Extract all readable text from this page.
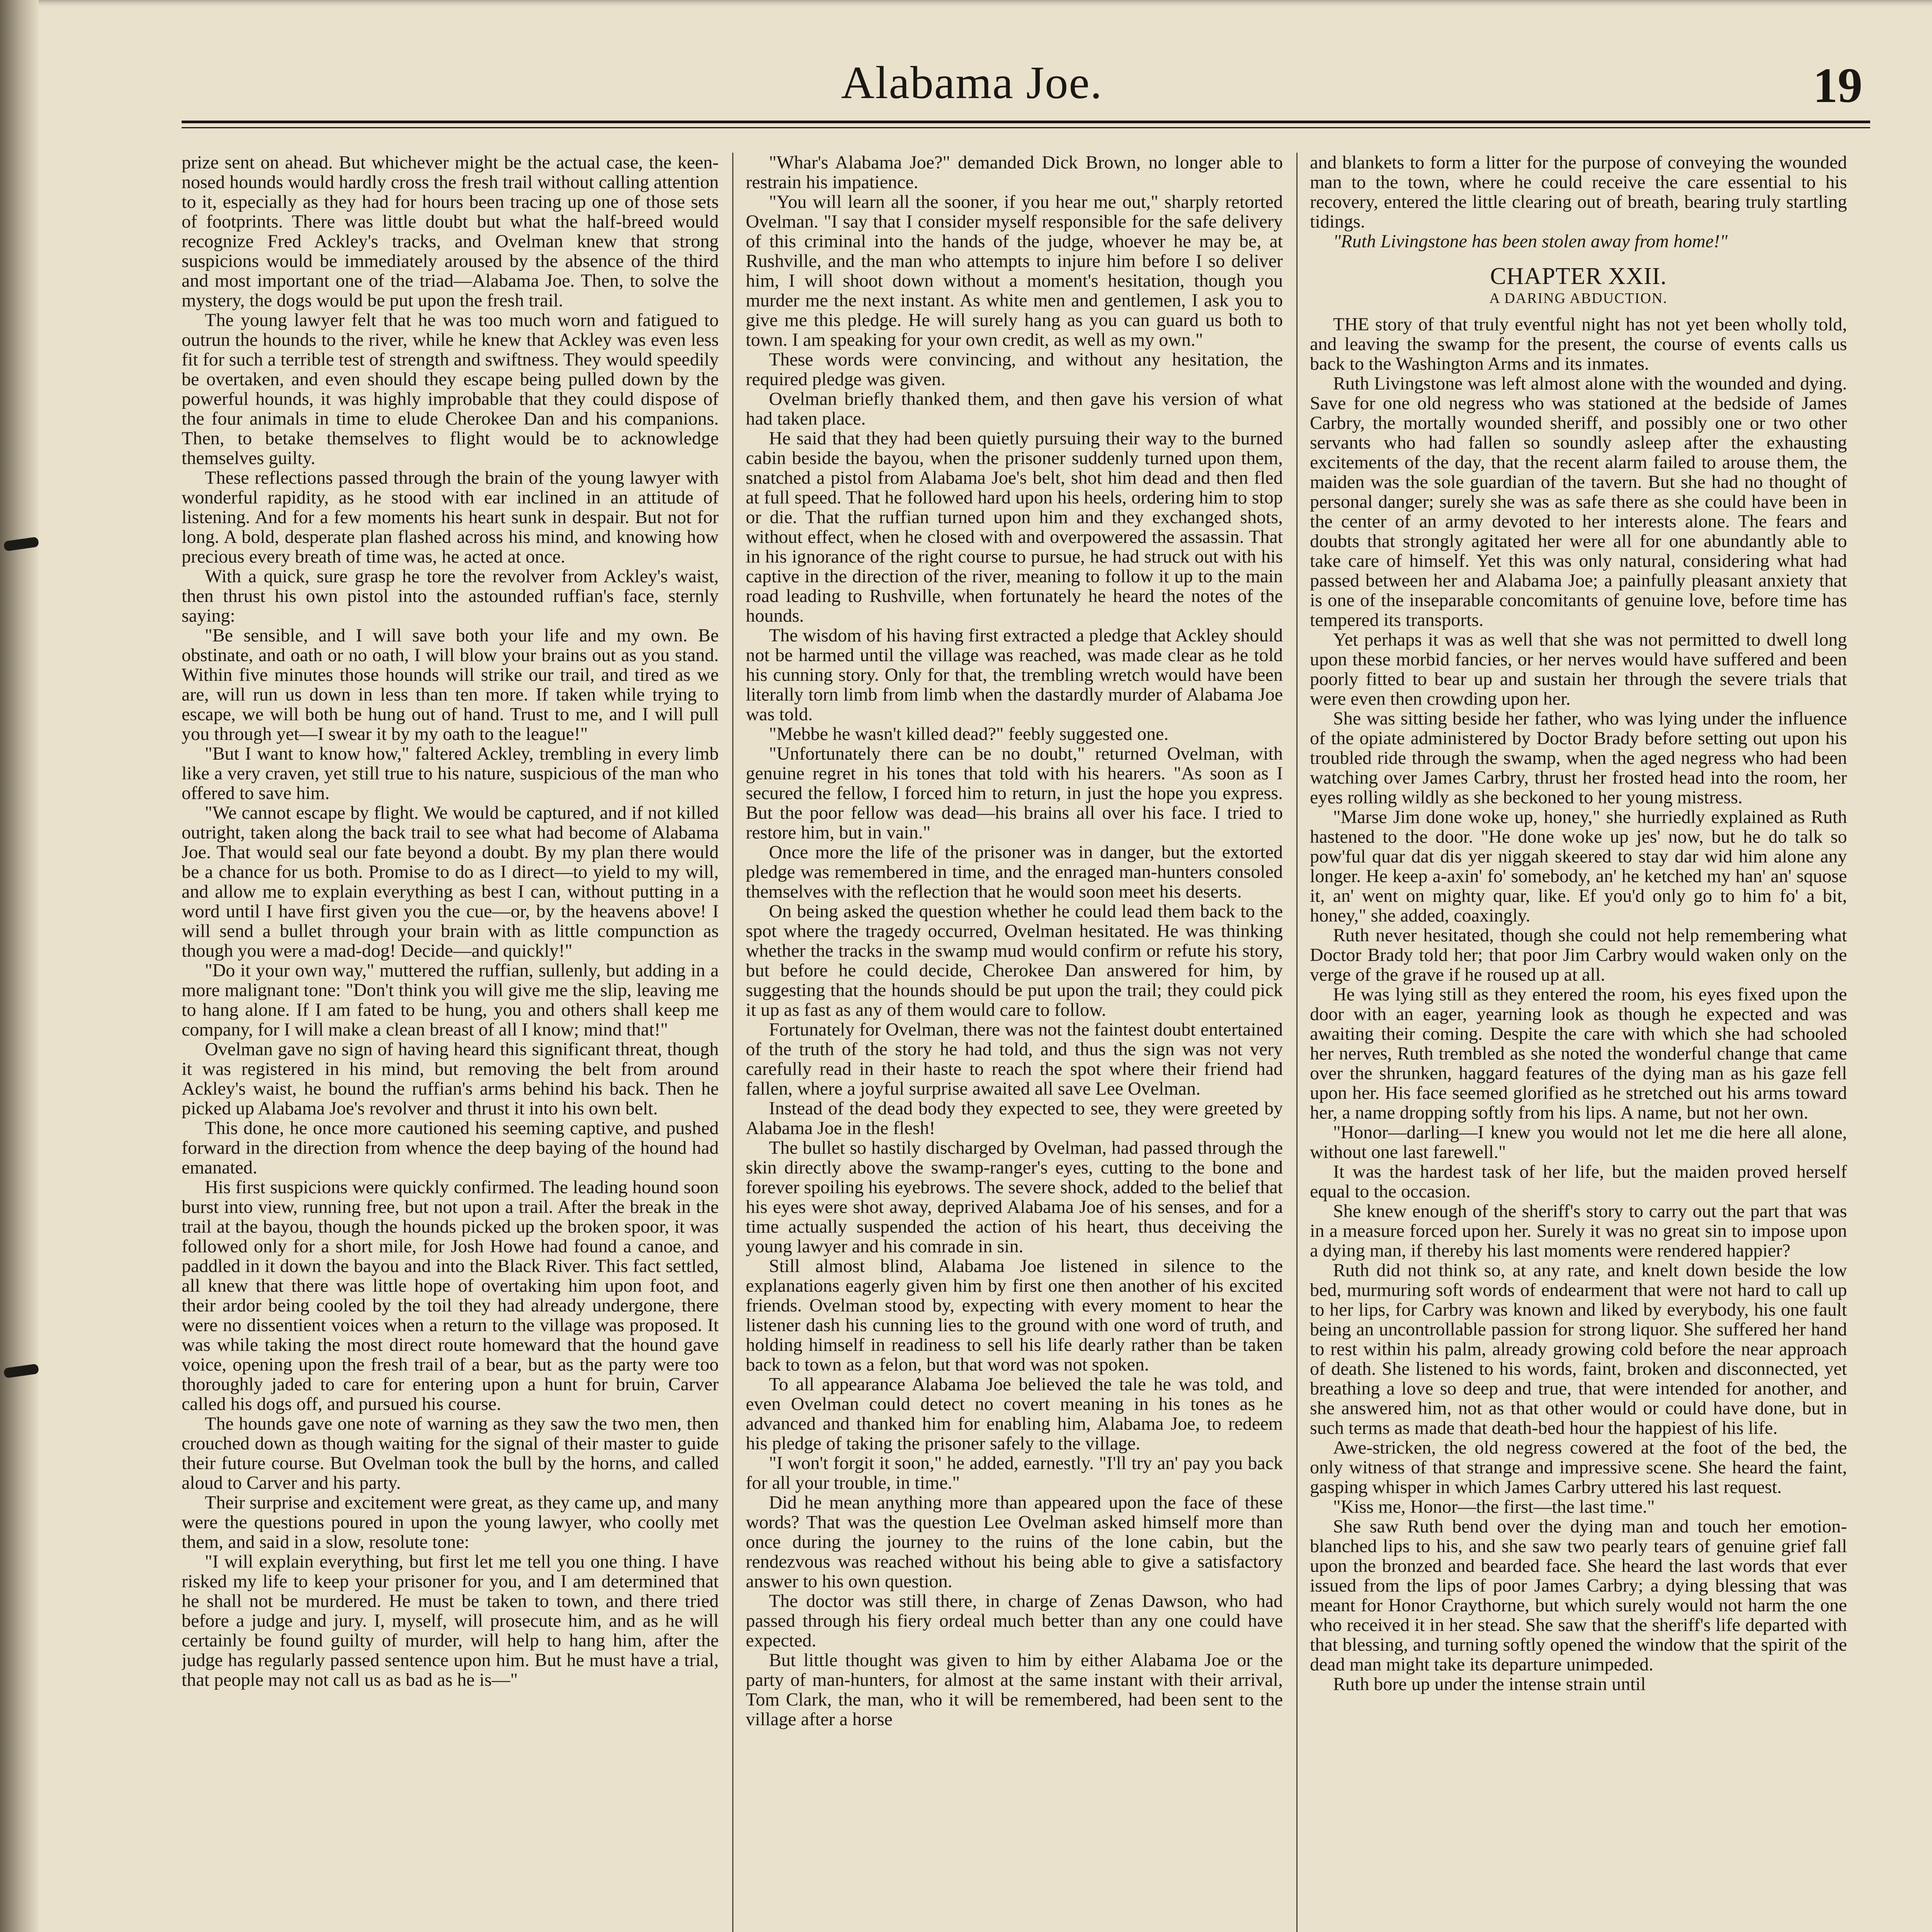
Alabama Joe.	19

prize sent on ahead. But whichever might be the actual case, the keen-nosed hounds would hardly cross the fresh trail without calling attention to it, especially as they had for hours been tracing up one of those sets of footprints. There was little doubt but what the half-breed would recognize Fred Ackley's tracks, and Ovelman knew that strong suspicions would be immediately aroused by the absence of the third and most important one of the triad—Alabama Joe. Then, to solve the mystery, the dogs would be put upon the fresh trail.

The young lawyer felt that he was too much worn and fatigued to outrun the hounds to the river, while he knew that Ackley was even less fit for such a terrible test of strength and swiftness. They would speedily be overtaken, and even should they escape being pulled down by the powerful hounds, it was highly improbable that they could dispose of the four animals in time to elude Cherokee Dan and his companions. Then, to betake themselves to flight would be to acknowledge themselves guilty.

These reflections passed through the brain of the young lawyer with wonderful rapidity, as he stood with ear inclined in an attitude of listening. And for a few moments his heart sunk in despair. But not for long. A bold, desperate plan flashed across his mind, and knowing how precious every breath of time was, he acted at once.

With a quick, sure grasp he tore the revolver from Ackley's waist, then thrust his own pistol into the astounded ruffian's face, sternly saying:

"Be sensible, and I will save both your life and my own. Be obstinate, and oath or no oath, I will blow your brains out as you stand. Within five minutes those hounds will strike our trail, and tired as we are, will run us down in less than ten more. If taken while trying to escape, we will both be hung out of hand. Trust to me, and I will pull you through yet—I swear it by my oath to the league!"

"But I want to know how," faltered Ackley, trembling in every limb like a very craven, yet still true to his nature, suspicious of the man who offered to save him.

"We cannot escape by flight. We would be captured, and if not killed outright, taken along the back trail to see what had become of Alabama Joe. That would seal our fate beyond a doubt. By my plan there would be a chance for us both. Promise to do as I direct—to yield to my will, and allow me to explain everything as best I can, without putting in a word until I have first given you the cue—or, by the heavens above! I will send a bullet through your brain with as little compunction as though you were a mad-dog! Decide—and quickly!"

"Do it your own way," muttered the ruffian, sullenly, but adding in a more malignant tone: "Don't think you will give me the slip, leaving me to hang alone. If I am fated to be hung, you and others shall keep me company, for I will make a clean breast of all I know; mind that!"

Ovelman gave no sign of having heard this significant threat, though it was registered in his mind, but removing the belt from around Ackley's waist, he bound the ruffian's arms behind his back. Then he picked up Alabama Joe's revolver and thrust it into his own belt.

This done, he once more cautioned his seeming captive, and pushed forward in the direction from whence the deep baying of the hound had emanated.

His first suspicions were quickly confirmed. The leading hound soon burst into view, running free, but not upon a trail. After the break in the trail at the bayou, though the hounds picked up the broken spoor, it was followed only for a short mile, for Josh Howe had found a canoe, and paddled in it down the bayou and into the Black River. This fact settled, all knew that there was little hope of overtaking him upon foot, and their ardor being cooled by the toil they had already undergone, there were no dissentient voices when a return to the village was proposed. It was while taking the most direct route homeward that the hound gave voice, opening upon the fresh trail of a bear, but as the party were too thoroughly jaded to care for entering upon a hunt for bruin, Carver called his dogs off, and pursued his course.

The hounds gave one note of warning as they saw the two men, then crouched down as though waiting for the signal of their master to guide their future course. But Ovelman took the bull by the horns, and called aloud to Carver and his party.

Their surprise and excitement were great, as they came up, and many were the questions poured in upon the young lawyer, who coolly met them, and said in a slow, resolute tone:

"I will explain everything, but first let me tell you one thing. I have risked my life to keep your prisoner for you, and I am determined that he shall not be murdered. He must be taken to town, and there tried before a judge and jury. I, myself, will prosecute him, and as he will certainly be found guilty of murder, will help to hang him, after the judge has regularly passed sentence upon him. But he must have a trial, that people may not call us as bad as he is—"

"Whar's Alabama Joe?" demanded Dick Brown, no longer able to restrain his impatience.

"You will learn all the sooner, if you hear me out," sharply retorted Ovelman. "I say that I consider myself responsible for the safe delivery of this criminal into the hands of the judge, whoever he may be, at Rushville, and the man who attempts to injure him before I so deliver him, I will shoot down without a moment's hesitation, though you murder me the next instant. As white men and gentlemen, I ask you to give me this pledge. He will surely hang as you can guard us both to town. I am speaking for your own credit, as well as my own."

These words were convincing, and without any hesitation, the required pledge was given.

Ovelman briefly thanked them, and then gave his version of what had taken place.

He said that they had been quietly pursuing their way to the burned cabin beside the bayou, when the prisoner suddenly turned upon them, snatched a pistol from Alabama Joe's belt, shot him dead and then fled at full speed. That he followed hard upon his heels, ordering him to stop or die. That the ruffian turned upon him and they exchanged shots, without effect, when he closed with and overpowered the assassin. That in his ignorance of the right course to pursue, he had struck out with his captive in the direction of the river, meaning to follow it up to the main road leading to Rushville, when fortunately he heard the notes of the hounds.

The wisdom of his having first extracted a pledge that Ackley should not be harmed until the village was reached, was made clear as he told his cunning story. Only for that, the trembling wretch would have been literally torn limb from limb when the dastardly murder of Alabama Joe was told.

"Mebbe he wasn't killed dead?" feebly suggested one.

"Unfortunately there can be no doubt," returned Ovelman, with genuine regret in his tones that told with his hearers. "As soon as I secured the fellow, I forced him to return, in just the hope you express. But the poor fellow was dead—his brains all over his face. I tried to restore him, but in vain."

Once more the life of the prisoner was in danger, but the extorted pledge was remembered in time, and the enraged man-hunters consoled themselves with the reflection that he would soon meet his deserts.

On being asked the question whether he could lead them back to the spot where the tragedy occurred, Ovelman hesitated. He was thinking whether the tracks in the swamp mud would confirm or refute his story, but before he could decide, Cherokee Dan answered for him, by suggesting that the hounds should be put upon the trail; they could pick it up as fast as any of them would care to follow.

Fortunately for Ovelman, there was not the faintest doubt entertained of the truth of the story he had told, and thus the sign was not very carefully read in their haste to reach the spot where their friend had fallen, where a joyful surprise awaited all save Lee Ovelman.

Instead of the dead body they expected to see, they were greeted by Alabama Joe in the flesh!

The bullet so hastily discharged by Ovelman, had passed through the skin directly above the swamp-ranger's eyes, cutting to the bone and forever spoiling his eyebrows. The severe shock, added to the belief that his eyes were shot away, deprived Alabama Joe of his senses, and for a time actually suspended the action of his heart, thus deceiving the young lawyer and his comrade in sin.

Still almost blind, Alabama Joe listened in silence to the explanations eagerly given him by first one then another of his excited friends. Ovelman stood by, expecting with every moment to hear the listener dash his cunning lies to the ground with one word of truth, and holding himself in readiness to sell his life dearly rather than be taken back to town as a felon, but that word was not spoken.

To all appearance Alabama Joe believed the tale he was told, and even Ovelman could detect no covert meaning in his tones as he advanced and thanked him for enabling him, Alabama Joe, to redeem his pledge of taking the prisoner safely to the village.

"I won't forgit it soon," he added, earnestly. "I'll try an' pay you back for all your trouble, in time."

Did he mean anything more than appeared upon the face of these words? That was the question Lee Ovelman asked himself more than once during the journey to the ruins of the lone cabin, but the rendezvous was reached without his being able to give a satisfactory answer to his own question.

The doctor was still there, in charge of Zenas Dawson, who had passed through his fiery ordeal much better than any one could have expected.

But little thought was given to him by either Alabama Joe or the party of man-hunters, for almost at the same instant with their arrival, Tom Clark, the man, who it will be remembered, had been sent to the village after a horse

and blankets to form a litter for the purpose of conveying the wounded man to the town, where he could receive the care essential to his recovery, entered the little clearing out of breath, bearing truly startling tidings.

"Ruth Livingstone has been stolen away from home!"

CHAPTER XXII.
A DARING ABDUCTION.

THE story of that truly eventful night has not yet been wholly told, and leaving the swamp for the present, the course of events calls us back to the Washington Arms and its inmates.

Ruth Livingstone was left almost alone with the wounded and dying. Save for one old negress who was stationed at the bedside of James Carbry, the mortally wounded sheriff, and possibly one or two other servants who had fallen so soundly asleep after the exhausting excitements of the day, that the recent alarm failed to arouse them, the maiden was the sole guardian of the tavern. But she had no thought of personal danger; surely she was as safe there as she could have been in the center of an army devoted to her interests alone. The fears and doubts that strongly agitated her were all for one abundantly able to take care of himself. Yet this was only natural, considering what had passed between her and Alabama Joe; a painfully pleasant anxiety that is one of the inseparable concomitants of genuine love, before time has tempered its transports.

Yet perhaps it was as well that she was not permitted to dwell long upon these morbid fancies, or her nerves would have suffered and been poorly fitted to bear up and sustain her through the severe trials that were even then crowding upon her.

She was sitting beside her father, who was lying under the influence of the opiate administered by Doctor Brady before setting out upon his troubled ride through the swamp, when the aged negress who had been watching over James Carbry, thrust her frosted head into the room, her eyes rolling wildly as she beckoned to her young mistress.

"Marse Jim done woke up, honey," she hurriedly explained as Ruth hastened to the door. "He done woke up jes' now, but he do talk so pow'ful quar dat dis yer niggah skeered to stay dar wid him alone any longer. He keep a-axin' fo' somebody, an' he ketched my han' an' squose it, an' went on mighty quar, like. Ef you'd only go to him fo' a bit, honey," she added, coaxingly.

Ruth never hesitated, though she could not help remembering what Doctor Brady told her; that poor Jim Carbry would waken only on the verge of the grave if he roused up at all.

He was lying still as they entered the room, his eyes fixed upon the door with an eager, yearning look as though he expected and was awaiting their coming. Despite the care with which she had schooled her nerves, Ruth trembled as she noted the wonderful change that came over the shrunken, haggard features of the dying man as his gaze fell upon her. His face seemed glorified as he stretched out his arms toward her, a name dropping softly from his lips. A name, but not her own.

"Honor—darling—I knew you would not let me die here all alone, without one last farewell."

It was the hardest task of her life, but the maiden proved herself equal to the occasion.

She knew enough of the sheriff's story to carry out the part that was in a measure forced upon her. Surely it was no great sin to impose upon a dying man, if thereby his last moments were rendered happier?

Ruth did not think so, at any rate, and knelt down beside the low bed, murmuring soft words of endearment that were not hard to call up to her lips, for Carbry was known and liked by everybody, his one fault being an uncontrollable passion for strong liquor. She suffered her hand to rest within his palm, already growing cold before the near approach of death. She listened to his words, faint, broken and disconnected, yet breathing a love so deep and true, that were intended for another, and she answered him, not as that other would or could have done, but in such terms as made that death-bed hour the happiest of his life.

Awe-stricken, the old negress cowered at the foot of the bed, the only witness of that strange and impressive scene. She heard the faint, gasping whisper in which James Carbry uttered his last request.

"Kiss me, Honor—the first—the last time."

She saw Ruth bend over the dying man and touch her emotion-blanched lips to his, and she saw two pearly tears of genuine grief fall upon the bronzed and bearded face. She heard the last words that ever issued from the lips of poor James Carbry; a dying blessing that was meant for Honor Craythorne, but which surely would not harm the one who received it in her stead. She saw that the sheriff's life departed with that blessing, and turning softly opened the window that the spirit of the dead man might take its departure unimpeded.

Ruth bore up under the intense strain until
